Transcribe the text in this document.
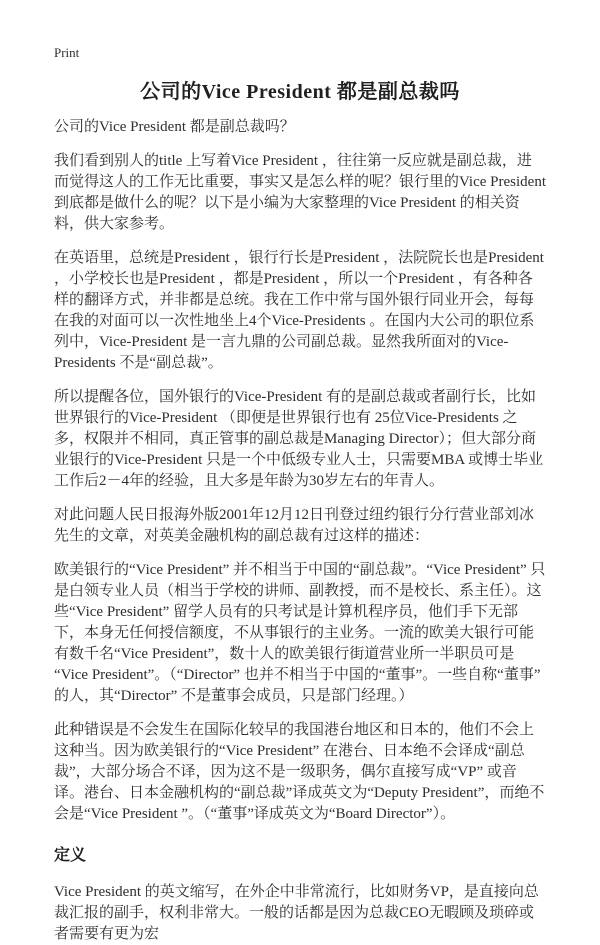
Print
公司的Vice President 都是副总裁吗

公司的Vice President 都是副总裁吗？

我们看到别人的title 上写着Vice President ，往往第一反应就是副总裁，进而觉得这人的工作无比重要，事实又是怎么样的呢？银行里的Vice President 到底都是做什么的呢？以下是小编为大家整理的Vice President 的相关资料，供大家参考。

在英语里，总统是President ，银行行长是President ，法院院长也是President ，小学校长也是President ，都是President ，所以一个President ，有各种各样的翻译方式，并非都是总统。我在工作中常与国外银行同业开会，每每在我的对面可以一次性地坐上4个Vice-Presidents 。在国内大公司的职位系列中，Vice-President 是一言九鼎的公司副总裁。显然我所面对的Vice-Presidents 不是“副总裁”。

所以提醒各位，国外银行的Vice-President 有的是副总裁或者副行长，比如世界银行的Vice-President （即便是世界银行也有 25位Vice-Presidents 之多，权限并不相同，真正管事的副总裁是Managing Director）；但大部分商业银行的Vice-President 只是一个中低级专业人士，只需要MBA 或博士毕业工作后2－4年的经验，且大多是年龄为30岁左右的年青人。

对此问题人民日报海外版2001年12月12日刊登过纽约银行分行营业部刘冰先生的文章，对英美金融机构的副总裁有过这样的描述：

欧美银行的“Vice President” 并不相当于中国的“副总裁”。“Vice President” 只是白领专业人员（相当于学校的讲师、副教授，而不是校长、系主任）。这些“Vice President” 留学人员有的只考试是计算机程序员，他们手下无部下，本身无任何授信额度，不从事银行的主业务。一流的欧美大银行可能有数千名“Vice President”，数十人的欧美银行街道营业所一半职员可是“Vice President”。（“Director” 也并不相当于中国的“董事”。一些自称“董事”的人，其“Director” 不是董事会成员，只是部门经理。）

此种错误是不会发生在国际化较早的我国港台地区和日本的，他们不会上这种当。因为欧美银行的“Vice President” 在港台、日本绝不会译成“副总裁”，大部分场合不译，因为这不是一级职务，偶尔直接写成“VP” 或音译。港台、日本金融机构的“副总裁”译成英文为“Deputy President”，而绝不会是“Vice President ”。（“董事”译成英文为“Board Director”）。

定义

Vice President 的英文缩写，在外企中非常流行，比如财务VP，是直接向总裁汇报的副手，权利非常大。一般的话都是因为总裁CEO无暇顾及琐碎或者需要有更为宏
